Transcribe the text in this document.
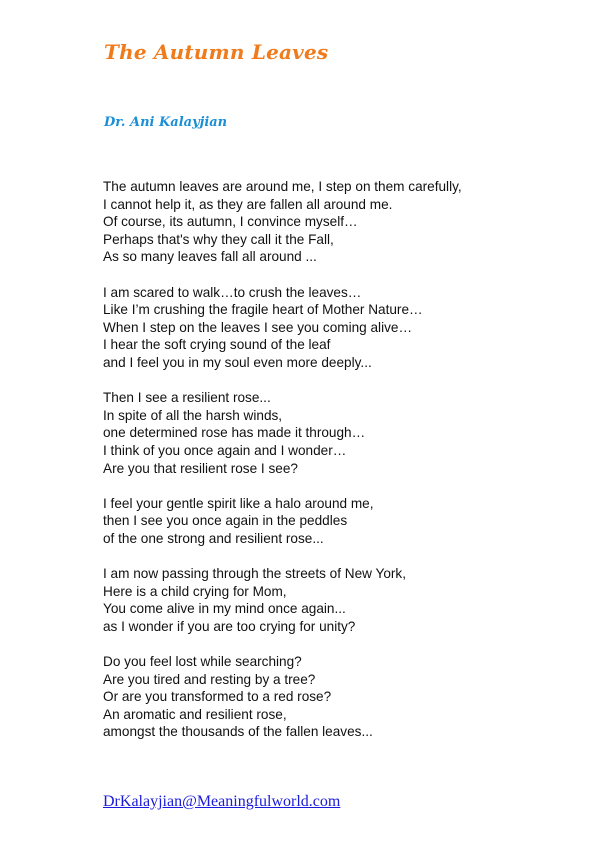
The Autumn Leaves
Dr. Ani Kalayjian
The autumn leaves are around me, I step on them carefully,
I cannot help it, as they are fallen all around me.
Of course, its autumn, I convince myself…
Perhaps that's why they call it the Fall,
As so many leaves fall all around ...
I am scared to walk…to crush the leaves…
Like I’m crushing the fragile heart of Mother Nature…
When I step on the leaves I see you coming alive…
I hear the soft crying sound of the leaf
and I feel you in my soul even more deeply...
Then I see a resilient rose...
In spite of all the harsh winds,
one determined rose has made it through…
I think of you once again and I wonder…
Are you that resilient rose I see?
I feel your gentle spirit like a halo around me,
then I see you once again in the peddles
of the one strong and resilient rose...
I am now passing through the streets of New York,
Here is a child crying for Mom,
You come alive in my mind once again...
as I wonder if you are too crying for unity?
Do you feel lost while searching?
Are you tired and resting by a tree?
Or are you transformed to a red rose?
An aromatic and resilient rose,
amongst the thousands of the fallen leaves...
DrKalayjian@Meaningfulworld.com
